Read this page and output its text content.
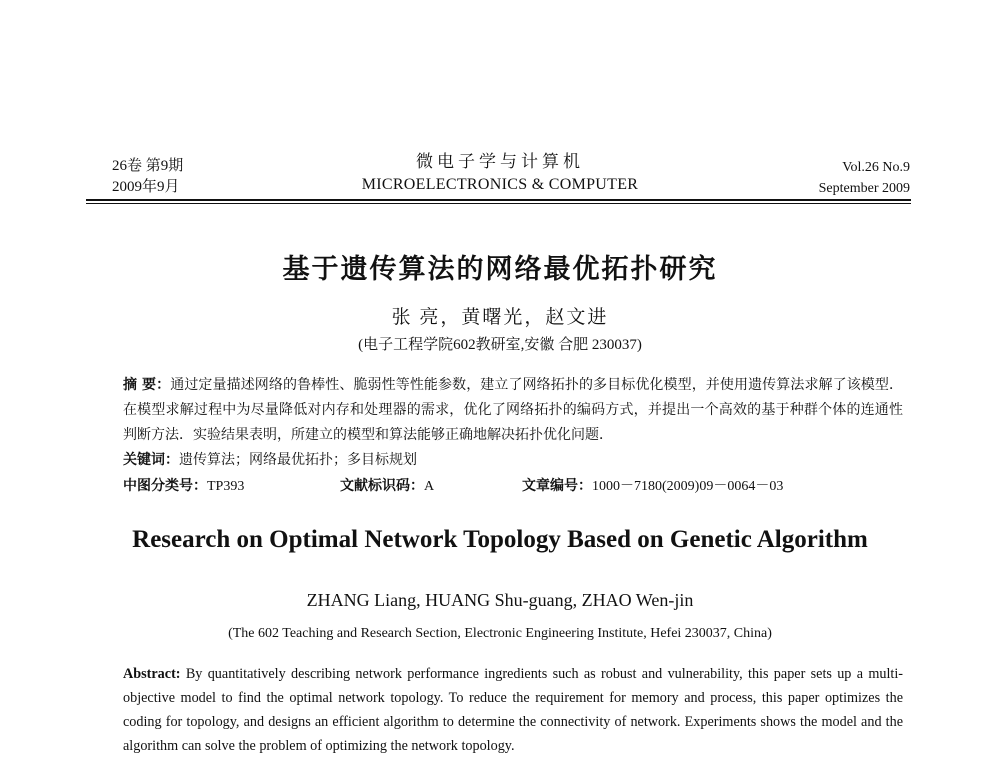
26卷 第9期
2009年9月
微电子学与计算机
MICROELECTRONICS & COMPUTER
Vol.26 No.9
September 2009
基于遗传算法的网络最优拓扑研究
张 亮，黄曙光，赵文进
(电子工程学院602教研室,安徽 合肥 230037)
摘 要：通过定量描述网络的鲁棒性、脆弱性等性能参数，建立了网络拓扑的多目标优化模型，并使用遗传算法求解了该模型．在模型求解过程中为尽量降低对内存和处理器的需求，优化了网络拓扑的编码方式，并提出一个高效的基于种群个体的连通性判断方法．实验结果表明，所建立的模型和算法能够正确地解决拓扑优化问题．
关键词：遗传算法；网络最优拓扑；多目标规划
中图分类号：TP393	文献标识码：A	文章编号：1000－7180(2009)09－0064－03
Research on Optimal Network Topology Based on Genetic Algorithm
ZHANG Liang, HUANG Shu-guang, ZHAO Wen-jin
(The 602 Teaching and Research Section, Electronic Engineering Institute, Hefei 230037, China)
Abstract: By quantitatively describing network performance ingredients such as robust and vulnerability, this paper sets up a multi-objective model to find the optimal network topology. To reduce the requirement for memory and process, this paper optimizes the coding for topology, and designs an efficient algorithm to determine the connectivity of network. Experiments shows the model and the algorithm can solve the problem of optimizing the network topology.
